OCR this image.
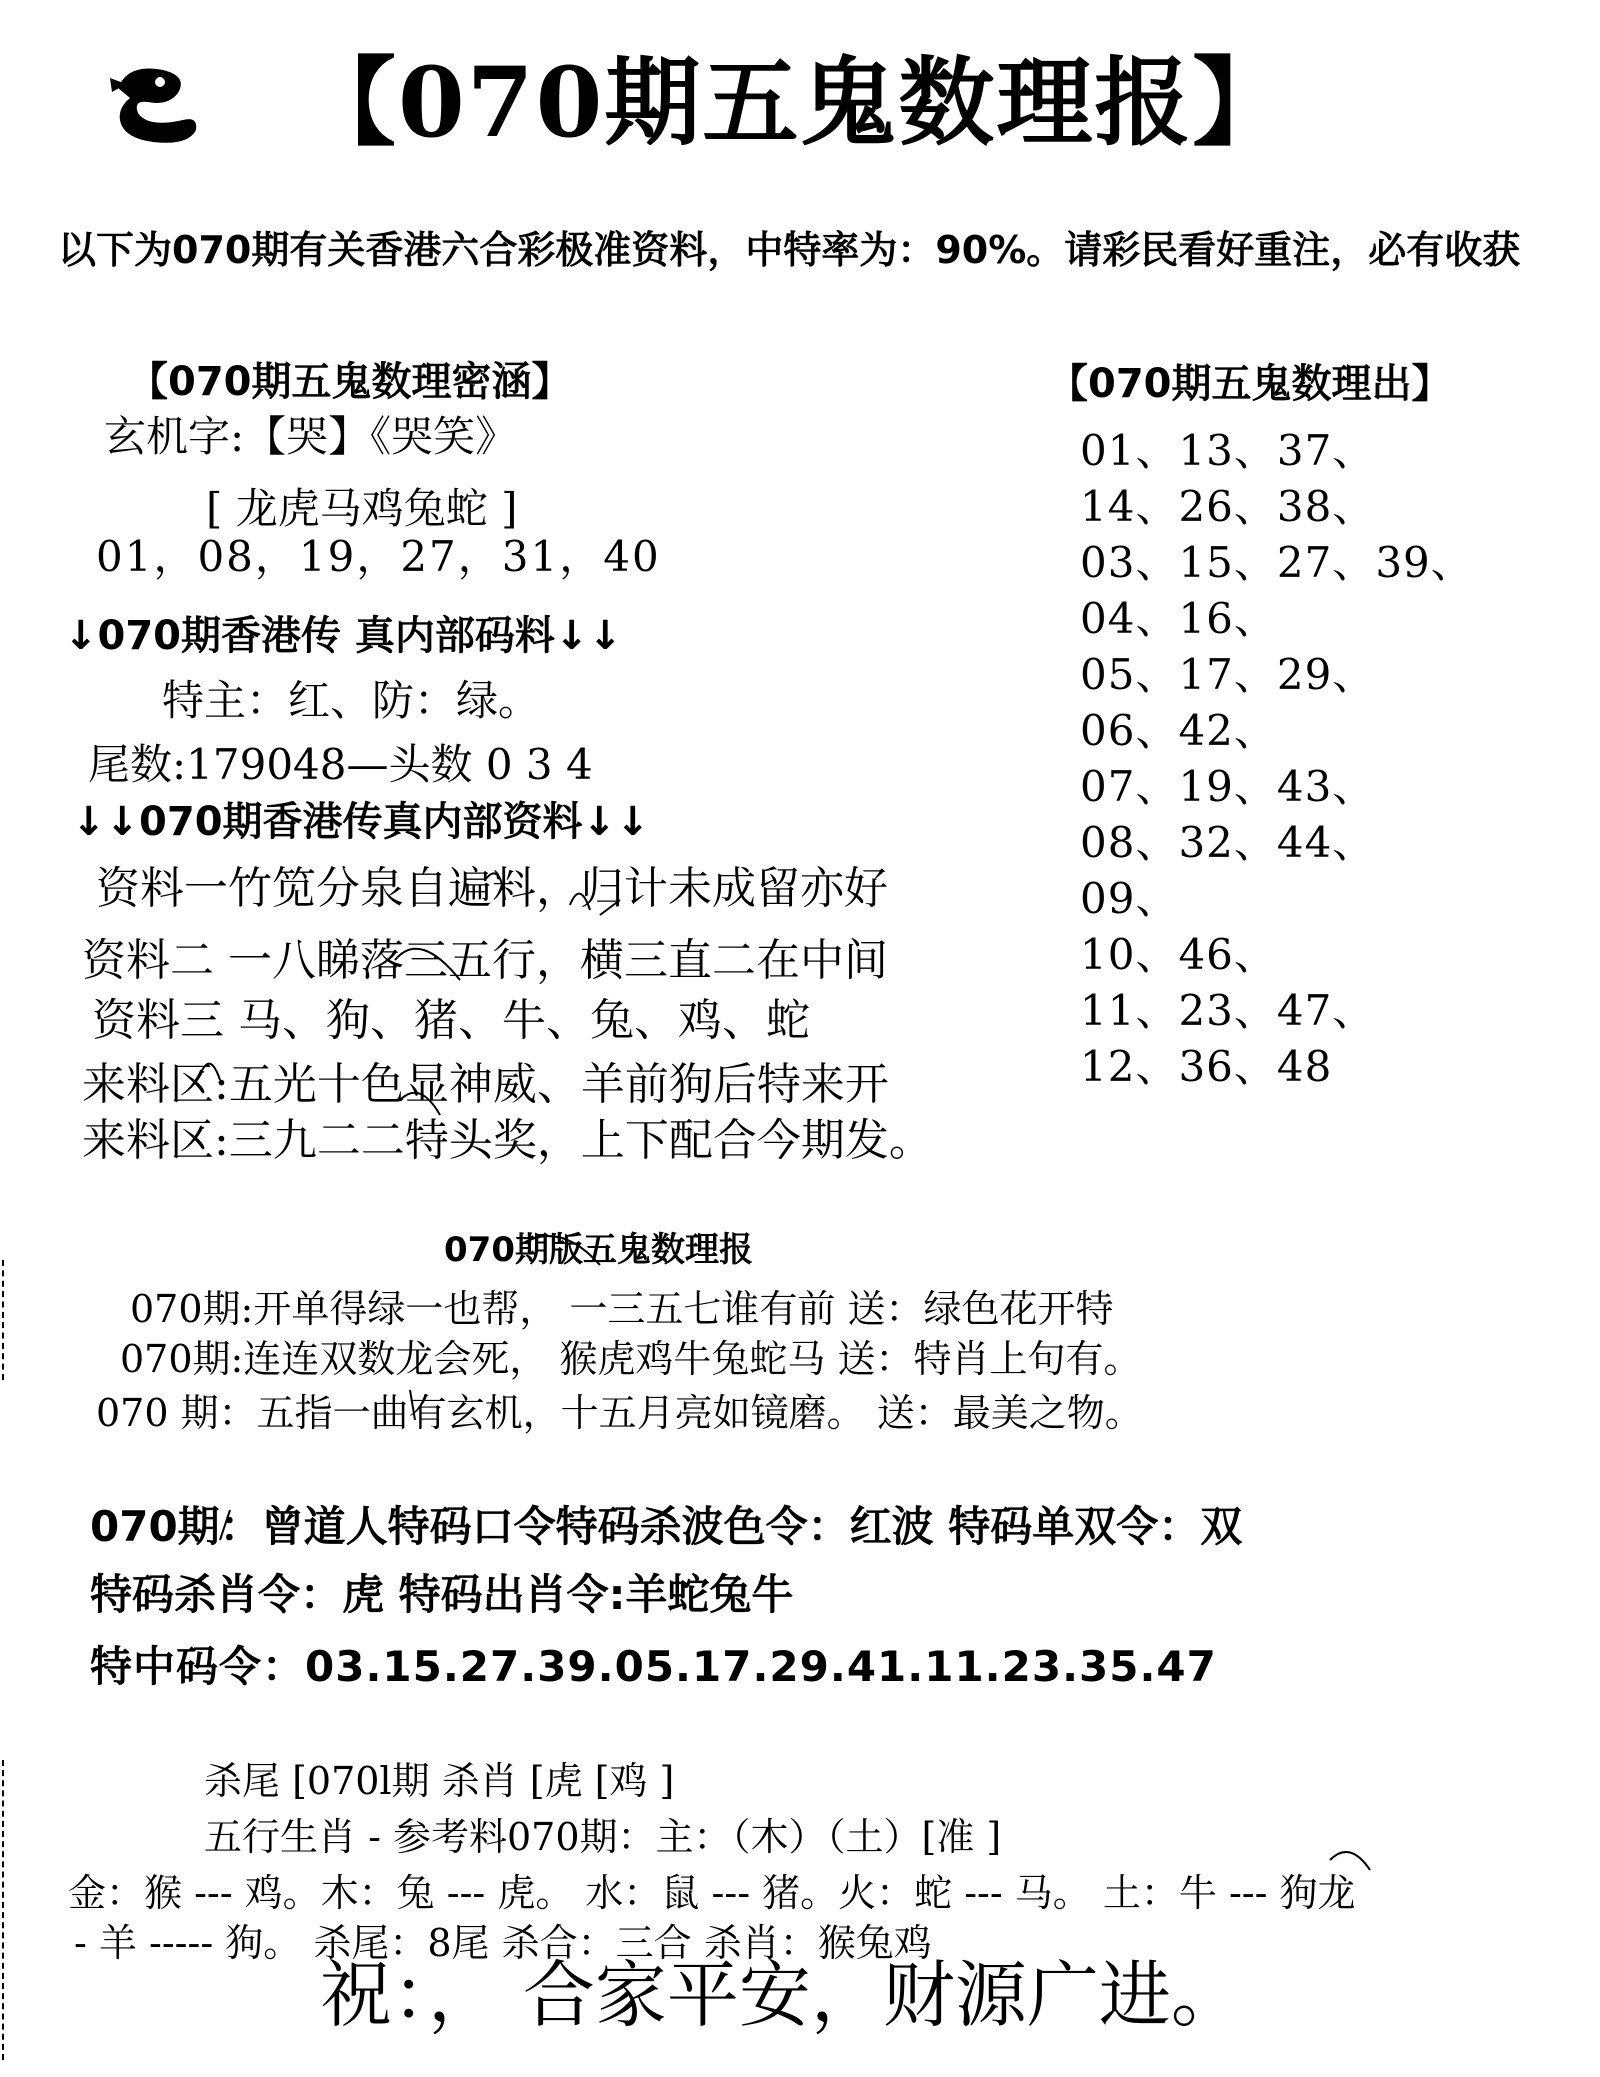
【070期五鬼数理报】
以下为070期有关香港六合彩极准资料，中特率为：90%。请彩民看好重注，必有收获
【070期五鬼数理密涵】
玄机字:【哭】《哭笑》
[ 龙虎马鸡兔蛇 ]
01，08，19，27，31，40
↓070期香港传 真内部码料↓↓
特主：红、防：绿。
尾数:179048—头数 0 3 4
↓↓070期香港传真内部资料↓↓
资料一竹笕分泉自遍料，归计未成留亦好
资料二 一八睇落三五行，横三直二在中间
资料三 马、狗、猪、牛、兔、鸡、蛇
来料区:五光十色显神威、羊前狗后特来开
来料区:三九二二特头奖，上下配合今期发。
【070期五鬼数理出】
01、13、37、
14、26、38、
03、15、27、39、
04、16、
05、17、29、
06、42、
07、19、43、
08、32、44、
09、
10、46、
11、23、47、
12、36、48
070期版五鬼数理报
070期:开单得绿一也帮， 一三五七谁有前 送：绿色花开特
070期:连连双数龙会死， 猴虎鸡牛兔蛇马 送：特肖上句有。
070 期：五指一曲有玄机，十五月亮如镜磨。 送：最美之物。
070期：曾道人特码口令特码杀波色令：红波 特码单双令：双
特码杀肖令：虎 特码出肖令:羊蛇兔牛
特中码令：03.15.27.39.05.17.29.41.11.23.35.47
杀尾 [070l期 杀肖 [虎 [鸡 ]
五行生肖 - 参考料070期：主：（木）（土）[准 ]
金：猴 --- 鸡。木：兔 --- 虎。 水：鼠 --- 猪。火：蛇 --- 马。 土：牛 --- 狗龙
- 羊 ----- 狗。 杀尾：8尾 杀合：三合 杀肖：猴兔鸡
祝：， 合家平安，财源广进。
